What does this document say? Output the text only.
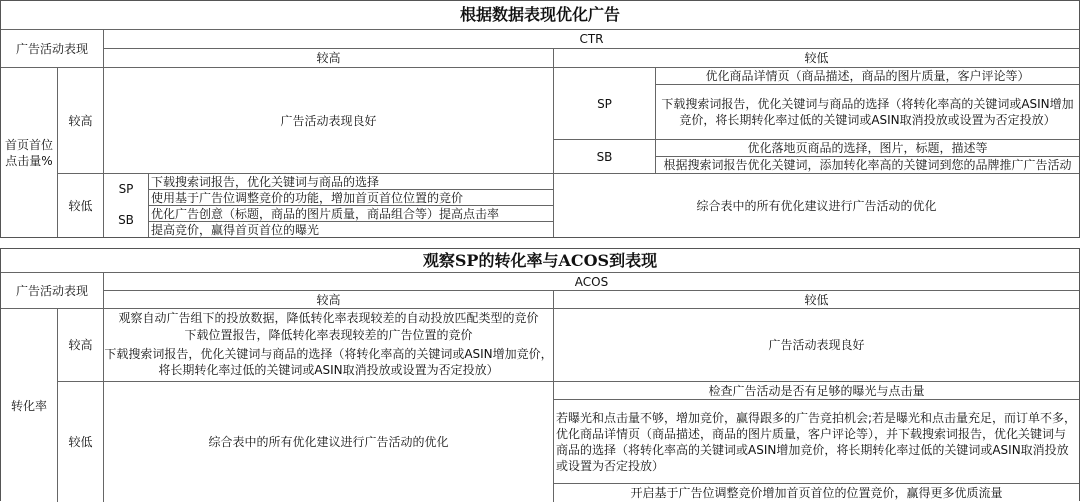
根据数据表现优化广告
广告活动表现
CTR
较高	较低
首页首位点击量%
较高
较低
广告活动表现良好
SP
SB
优化商品详情页（商品描述，商品的图片质量，客户评论等）
下载搜索词报告，优化关键词与商品的选择（将转化率高的关键词或ASIN增加竞价，将长期转化率过低的关键词或ASIN取消投放或设置为否定投放）
优化落地页商品的选择，图片，标题，描述等
根据搜索词报告优化关键词，添加转化率高的关键词到您的品牌推广广告活动
SP
SB
下载搜索词报告，优化关键词与商品的选择
使用基于广告位调整竞价的功能，增加首页首位位置的竞价
优化广告创意（标题，商品的图片质量，商品组合等）提高点击率
提高竞价，赢得首页首位的曝光
综合表中的所有优化建议进行广告活动的优化
观察SP的转化率与ACOS到表现
广告活动表现
ACOS
较高	较低
转化率
较高
较低
观察自动广告组下的投放数据，降低转化率表现较差的自动投放匹配类型的竞价
下载位置报告，降低转化率表现较差的广告位置的竞价
下载搜索词报告，优化关键词与商品的选择（将转化率高的关键词或ASIN增加竞价，将长期转化率过低的关键词或ASIN取消投放或设置为否定投放）
广告活动表现良好
综合表中的所有优化建议进行广告活动的优化
检查广告活动是否有足够的曝光与点击量
若曝光和点击量不够，增加竞价，赢得跟多的广告竞拍机会;若是曝光和点击量充足，而订单不多，优化商品详情页（商品描述，商品的图片质量，客户评论等），并下载搜索词报告，优化关键词与商品的选择（将转化率高的关键词或ASIN增加竞价，将长期转化率过低的关键词或ASIN取消投放或设置为否定投放）
开启基于广告位调整竞价增加首页首位的位置竞价，赢得更多优质流量
